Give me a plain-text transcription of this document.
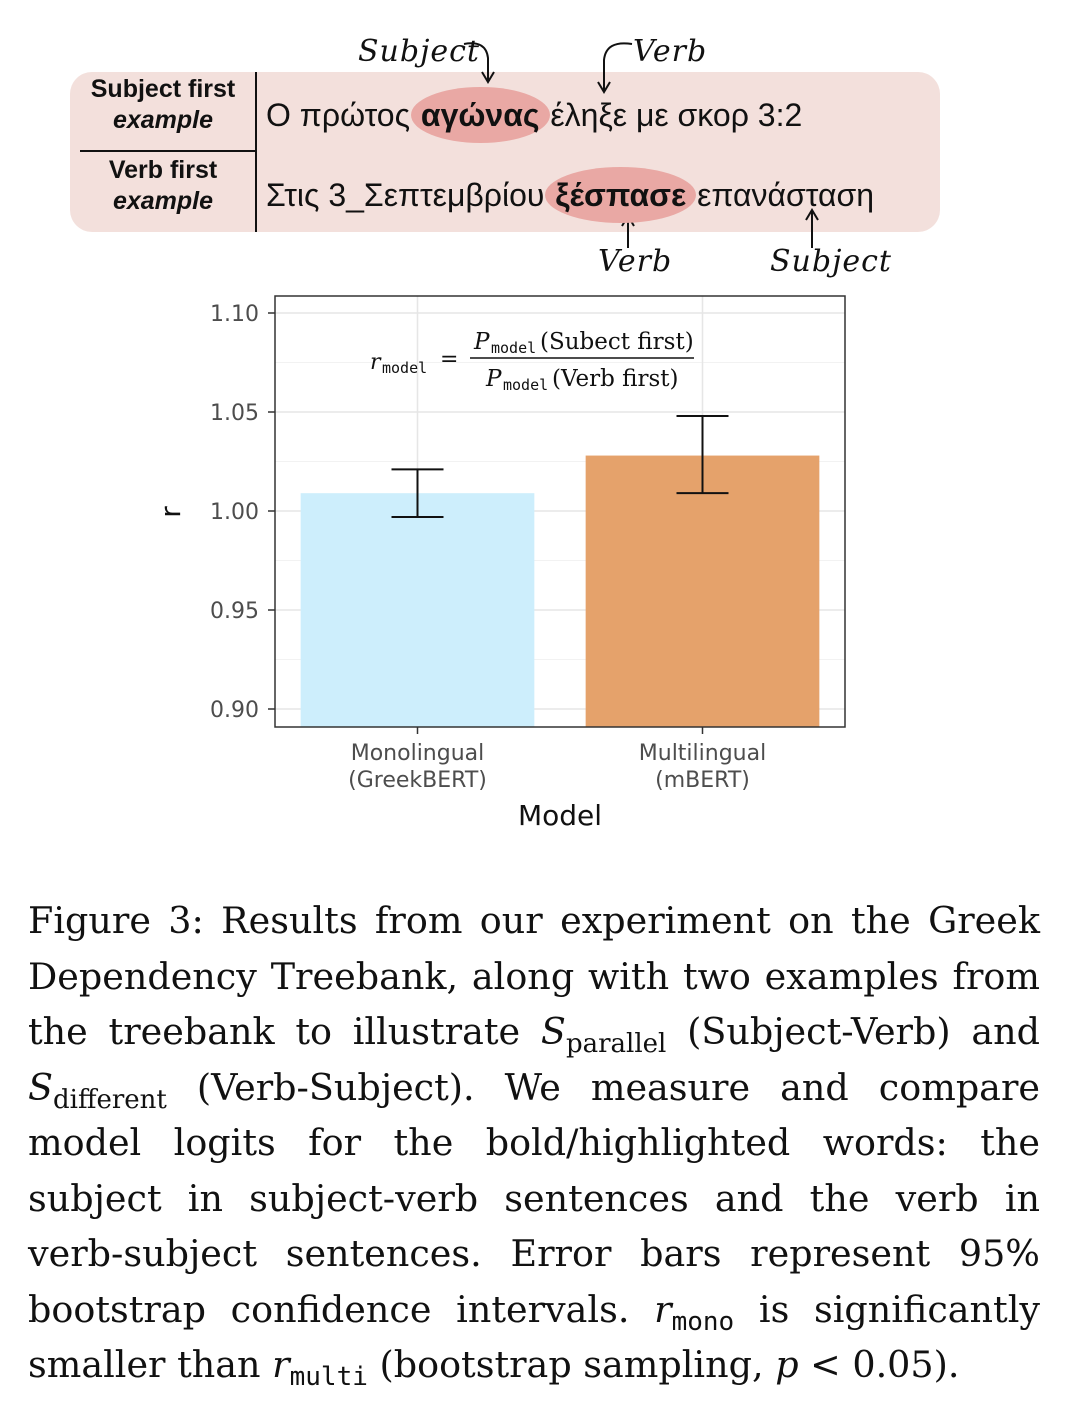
Subject first
example
Verb first
example
Ο πρώτος αγώνας έληξε με σκορ 3:2
Στις 3_Σεπτεμβρίου ξέσπασε επανάσταση
Subject	Verb
Verb	Subject
0.90
0.95
1.00
1.05
1.10
Monolingual
(GreekBERT)
Multilingual
(mBERT)
r model =
P model (Subect first)
P model (Verb first)
r
Model
Figure 3: Results from our experiment on the Greek Dependency Treebank, along with two examples from the treebank to illustrate $S_{parallel}$ (Subject-Verb) and $S_{different}$ (Verb-Subject). We measure and compare model logits for the bold/highlighted words: the subject in subject-verb sentences and the verb in verb-subject sentences. Error bars represent 95% bootstrap confidence intervals. $r_{mono}$ is significantly smaller than $r_{multi}$ (bootstrap sampling, p < 0.05).
